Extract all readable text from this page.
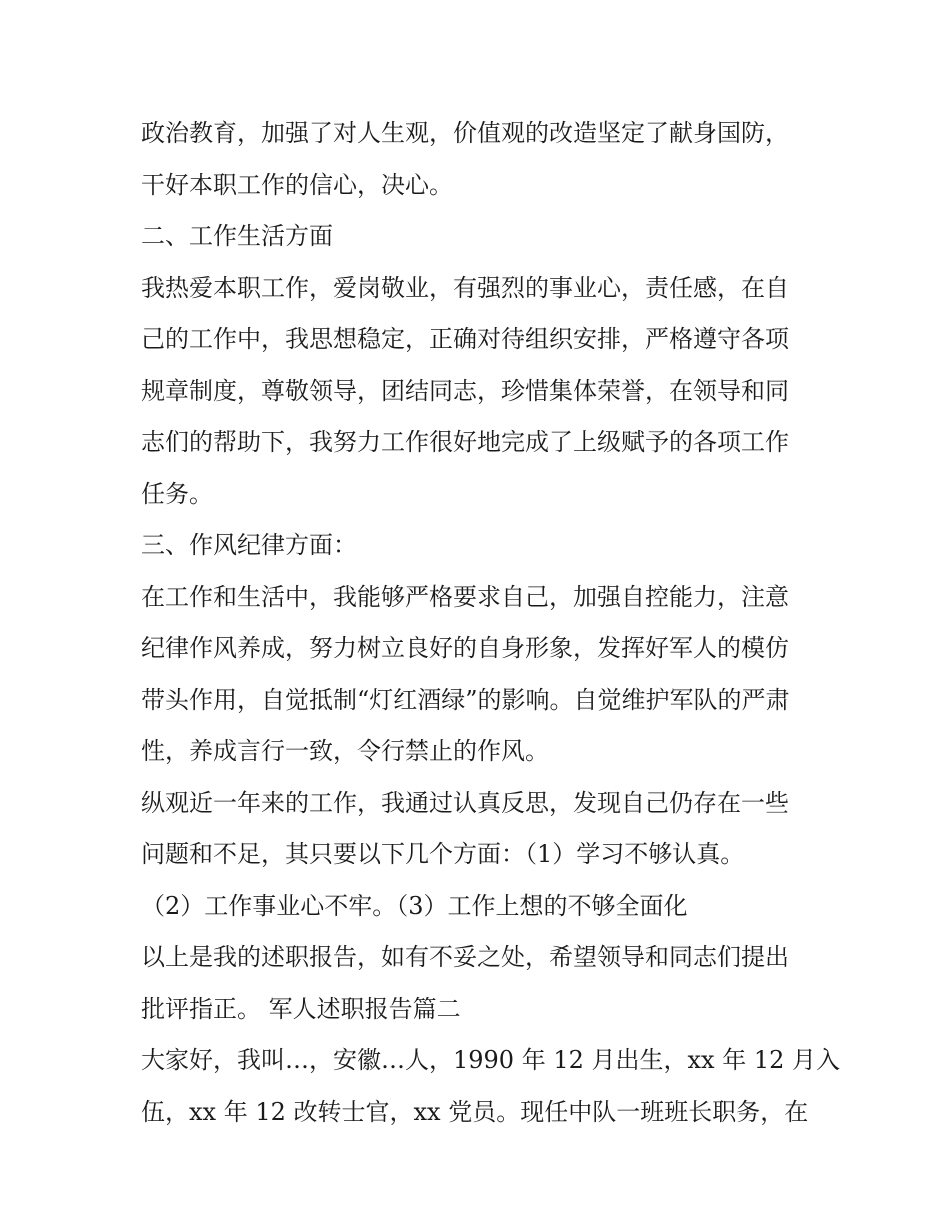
政治教育，加强了对人生观，价值观的改造坚定了献身国防，
干好本职工作的信心，决心。
二、工作生活方面
我热爱本职工作，爱岗敬业，有强烈的事业心，责任感，在自
己的工作中，我思想稳定，正确对待组织安排，严格遵守各项
规章制度，尊敬领导，团结同志，珍惜集体荣誉，在领导和同
志们的帮助下，我努力工作很好地完成了上级赋予的各项工作
任务。
三、作风纪律方面：
在工作和生活中，我能够严格要求自己，加强自控能力，注意
纪律作风养成，努力树立良好的自身形象，发挥好军人的模仿
带头作用，自觉抵制“灯红酒绿”的影响。自觉维护军队的严肃
性，养成言行一致，令行禁止的作风。
纵观近一年来的工作，我通过认真反思，发现自己仍存在一些
问题和不足，其只要以下几个方面：（1）学习不够认真。
（2）工作事业心不牢。（3）工作上想的不够全面化
以上是我的述职报告，如有不妥之处，希望领导和同志们提出
批评指正。 军人述职报告篇二
大家好，我叫…，安徽…人，1990 年 12 月出生，xx 年 12 月入
伍，xx 年 12 改转士官，xx 党员。现任中队一班班长职务，在
